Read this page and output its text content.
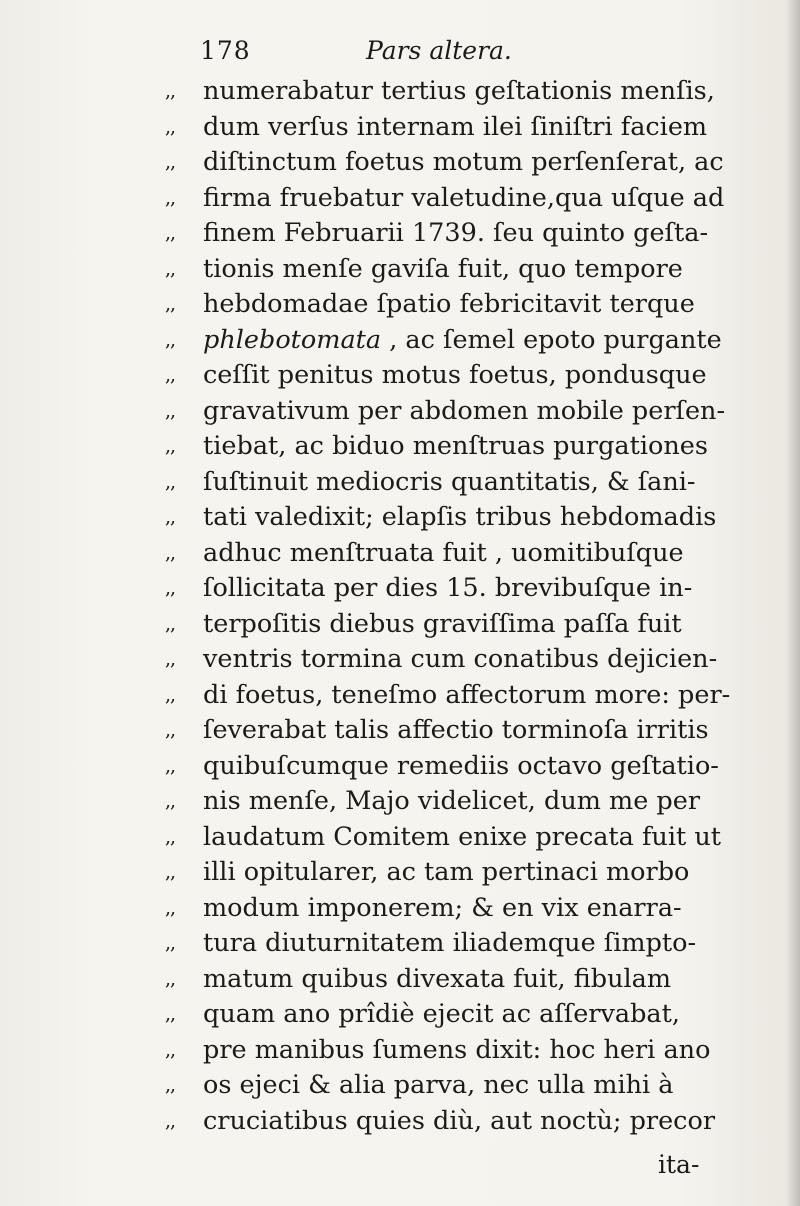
178	Pars altera.
,,	numerabatur tertius geſtationis menſis,
,,	dum verſus internam ilei ſiniſtri faciem
,,	diſtinctum foetus motum perſenſerat, ac
,,	firma fruebatur valetudine,qua uſque ad
,,	finem Februarii 1739. ſeu quinto geſta-
,,	tionis menſe gaviſa fuit, quo tempore
,,	hebdomadae ſpatio febricitavit terque
,,	phlebotomata , ac ſemel epoto purgante
,,	ceſſit penitus motus foetus, pondusque
,,	gravativum per abdomen mobile perſen-
,,	tiebat, ac biduo menſtruas purgationes
,,	ſuſtinuit mediocris quantitatis, & ſani-
,,	tati valedixit; elapſis tribus hebdomadis
,,	adhuc menſtruata fuit , uomitibuſque
,,	ſollicitata per dies 15. brevibuſque in-
,,	terpoſitis diebus graviſſima paſſa fuit
,,	ventris tormina cum conatibus dejicien-
,,	di foetus, teneſmo affectorum more: per-
,,	ſeverabat talis affectio torminoſa irritis
,,	quibuſcumque remediis octavo geſtatio-
,,	nis menſe, Majo videlicet, dum me per
,,	laudatum Comitem enixe precata fuit ut
,,	illi opitularer, ac tam pertinaci morbo
,,	modum imponerem; & en vix enarra-
,,	tura diuturnitatem iliademque ſimpto-
,,	matum quibus divexata fuit, fibulam
,,	quam ano prîdiè ejecit ac aſſervabat,
,,	pre manibus ſumens dixit: hoc heri ano
,,	os ejeci & alia parva, nec ulla mihi à
,,	cruciatibus quies diù, aut noctù; precor
ita-
